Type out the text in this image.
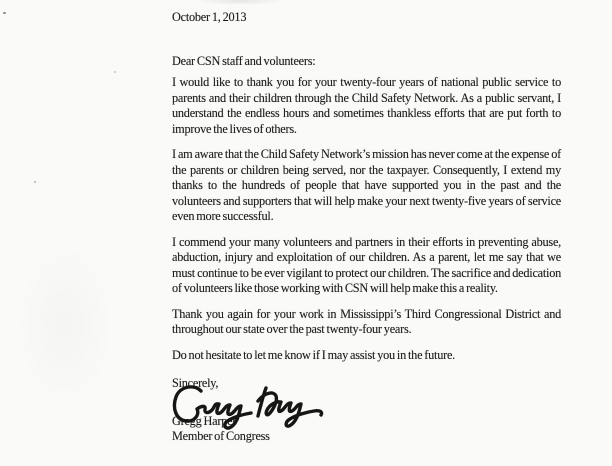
October 1, 2013
Dear CSN staff and volunteers:

I would like to thank you for your twenty-four years of national public service to parents and their children through the Child Safety Network. As a public servant, I understand the endless hours and sometimes thankless efforts that are put forth to improve the lives of others.

I am aware that the Child Safety Network’s mission has never come at the expense of the parents or children being served, nor the taxpayer. Consequently, I extend my thanks to the hundreds of people that have supported you in the past and the volunteers and supporters that will help make your next twenty-five years of service even more successful.

I commend your many volunteers and partners in their efforts in preventing abuse, abduction, injury and exploitation of our children. As a parent, let me say that we must continue to be ever vigilant to protect our children. The sacrifice and dedication of volunteers like those working with CSN will help make this a reality.

Thank you again for your work in Mississippi’s Third Congressional District and throughout our state over the past twenty-four years.

Do not hesitate to let me know if I may assist you in the future.

Sincerely,
Gregg Harper
Member of Congress
